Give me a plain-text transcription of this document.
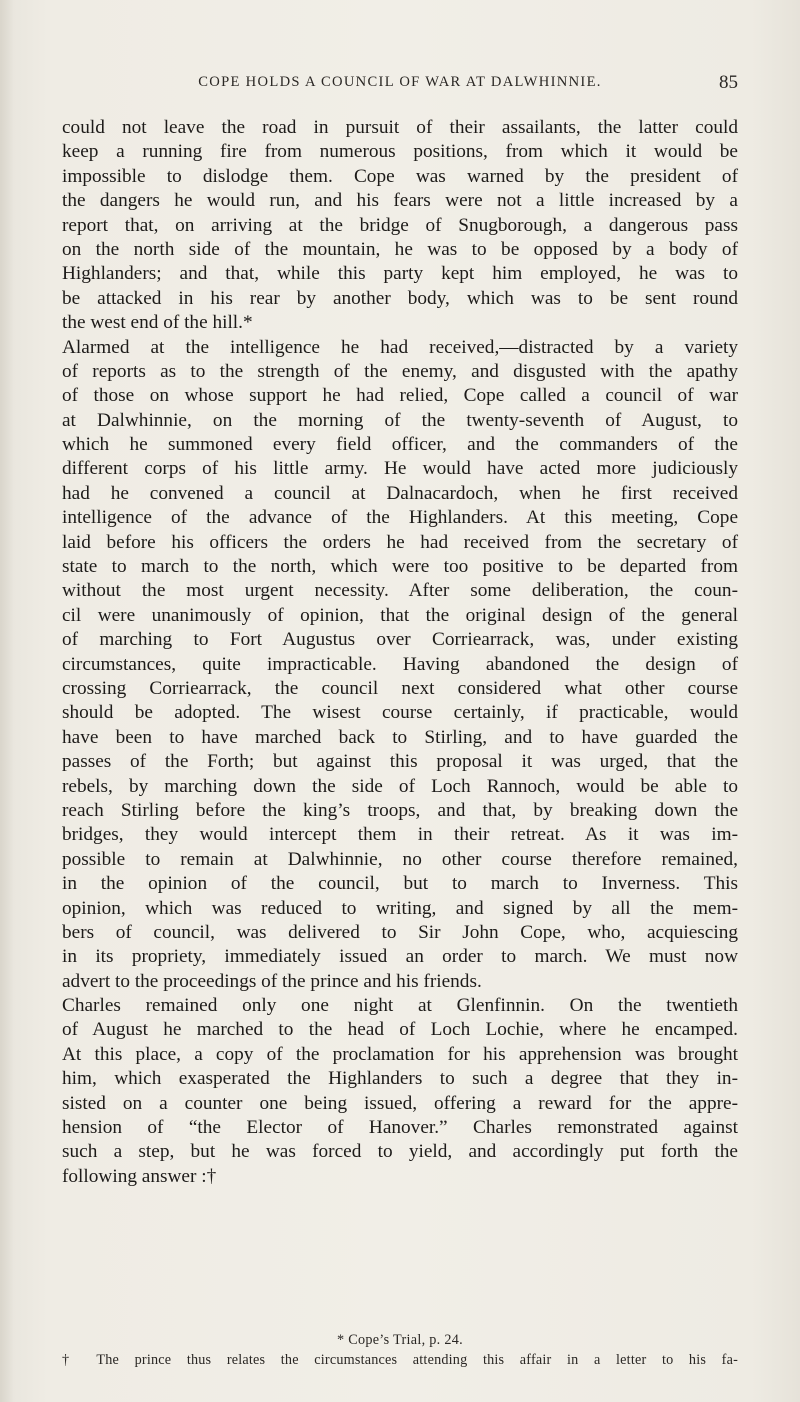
COPE HOLDS A COUNCIL OF WAR AT DALWHINNIE.	85
could not leave the road in pursuit of their assailants, the latter could
keep a running fire from numerous positions, from which it would be
impossible to dislodge them. Cope was warned by the president of
the dangers he would run, and his fears were not a little increased by a
report that, on arriving at the bridge of Snugborough, a dangerous pass
on the north side of the mountain, he was to be opposed by a body of
Highlanders; and that, while this party kept him employed, he was to
be attacked in his rear by another body, which was to be sent round
the west end of the hill.*
Alarmed at the intelligence he had received,—distracted by a variety
of reports as to the strength of the enemy, and disgusted with the apathy
of those on whose support he had relied, Cope called a council of war
at Dalwhinnie, on the morning of the twenty-seventh of August, to
which he summoned every field officer, and the commanders of the
different corps of his little army. He would have acted more judiciously
had he convened a council at Dalnacardoch, when he first received
intelligence of the advance of the Highlanders. At this meeting, Cope
laid before his officers the orders he had received from the secretary of
state to march to the north, which were too positive to be departed from
without the most urgent necessity. After some deliberation, the coun-
cil were unanimously of opinion, that the original design of the general
of marching to Fort Augustus over Corriearrack, was, under existing
circumstances, quite impracticable. Having abandoned the design of
crossing Corriearrack, the council next considered what other course
should be adopted. The wisest course certainly, if practicable, would
have been to have marched back to Stirling, and to have guarded the
passes of the Forth; but against this proposal it was urged, that the
rebels, by marching down the side of Loch Rannoch, would be able to
reach Stirling before the king’s troops, and that, by breaking down the
bridges, they would intercept them in their retreat. As it was im-
possible to remain at Dalwhinnie, no other course therefore remained,
in the opinion of the council, but to march to Inverness. This
opinion, which was reduced to writing, and signed by all the mem-
bers of council, was delivered to Sir John Cope, who, acquiescing
in its propriety, immediately issued an order to march. We must now
advert to the proceedings of the prince and his friends.
Charles remained only one night at Glenfinnin. On the twentieth
of August he marched to the head of Loch Lochie, where he encamped.
At this place, a copy of the proclamation for his apprehension was brought
him, which exasperated the Highlanders to such a degree that they in-
sisted on a counter one being issued, offering a reward for the appre-
hension of “the Elector of Hanover.” Charles remonstrated against
such a step, but he was forced to yield, and accordingly put forth the
following answer :†
* Cope’s Trial, p. 24.
† The prince thus relates the circumstances attending this affair in a letter to his fa-
